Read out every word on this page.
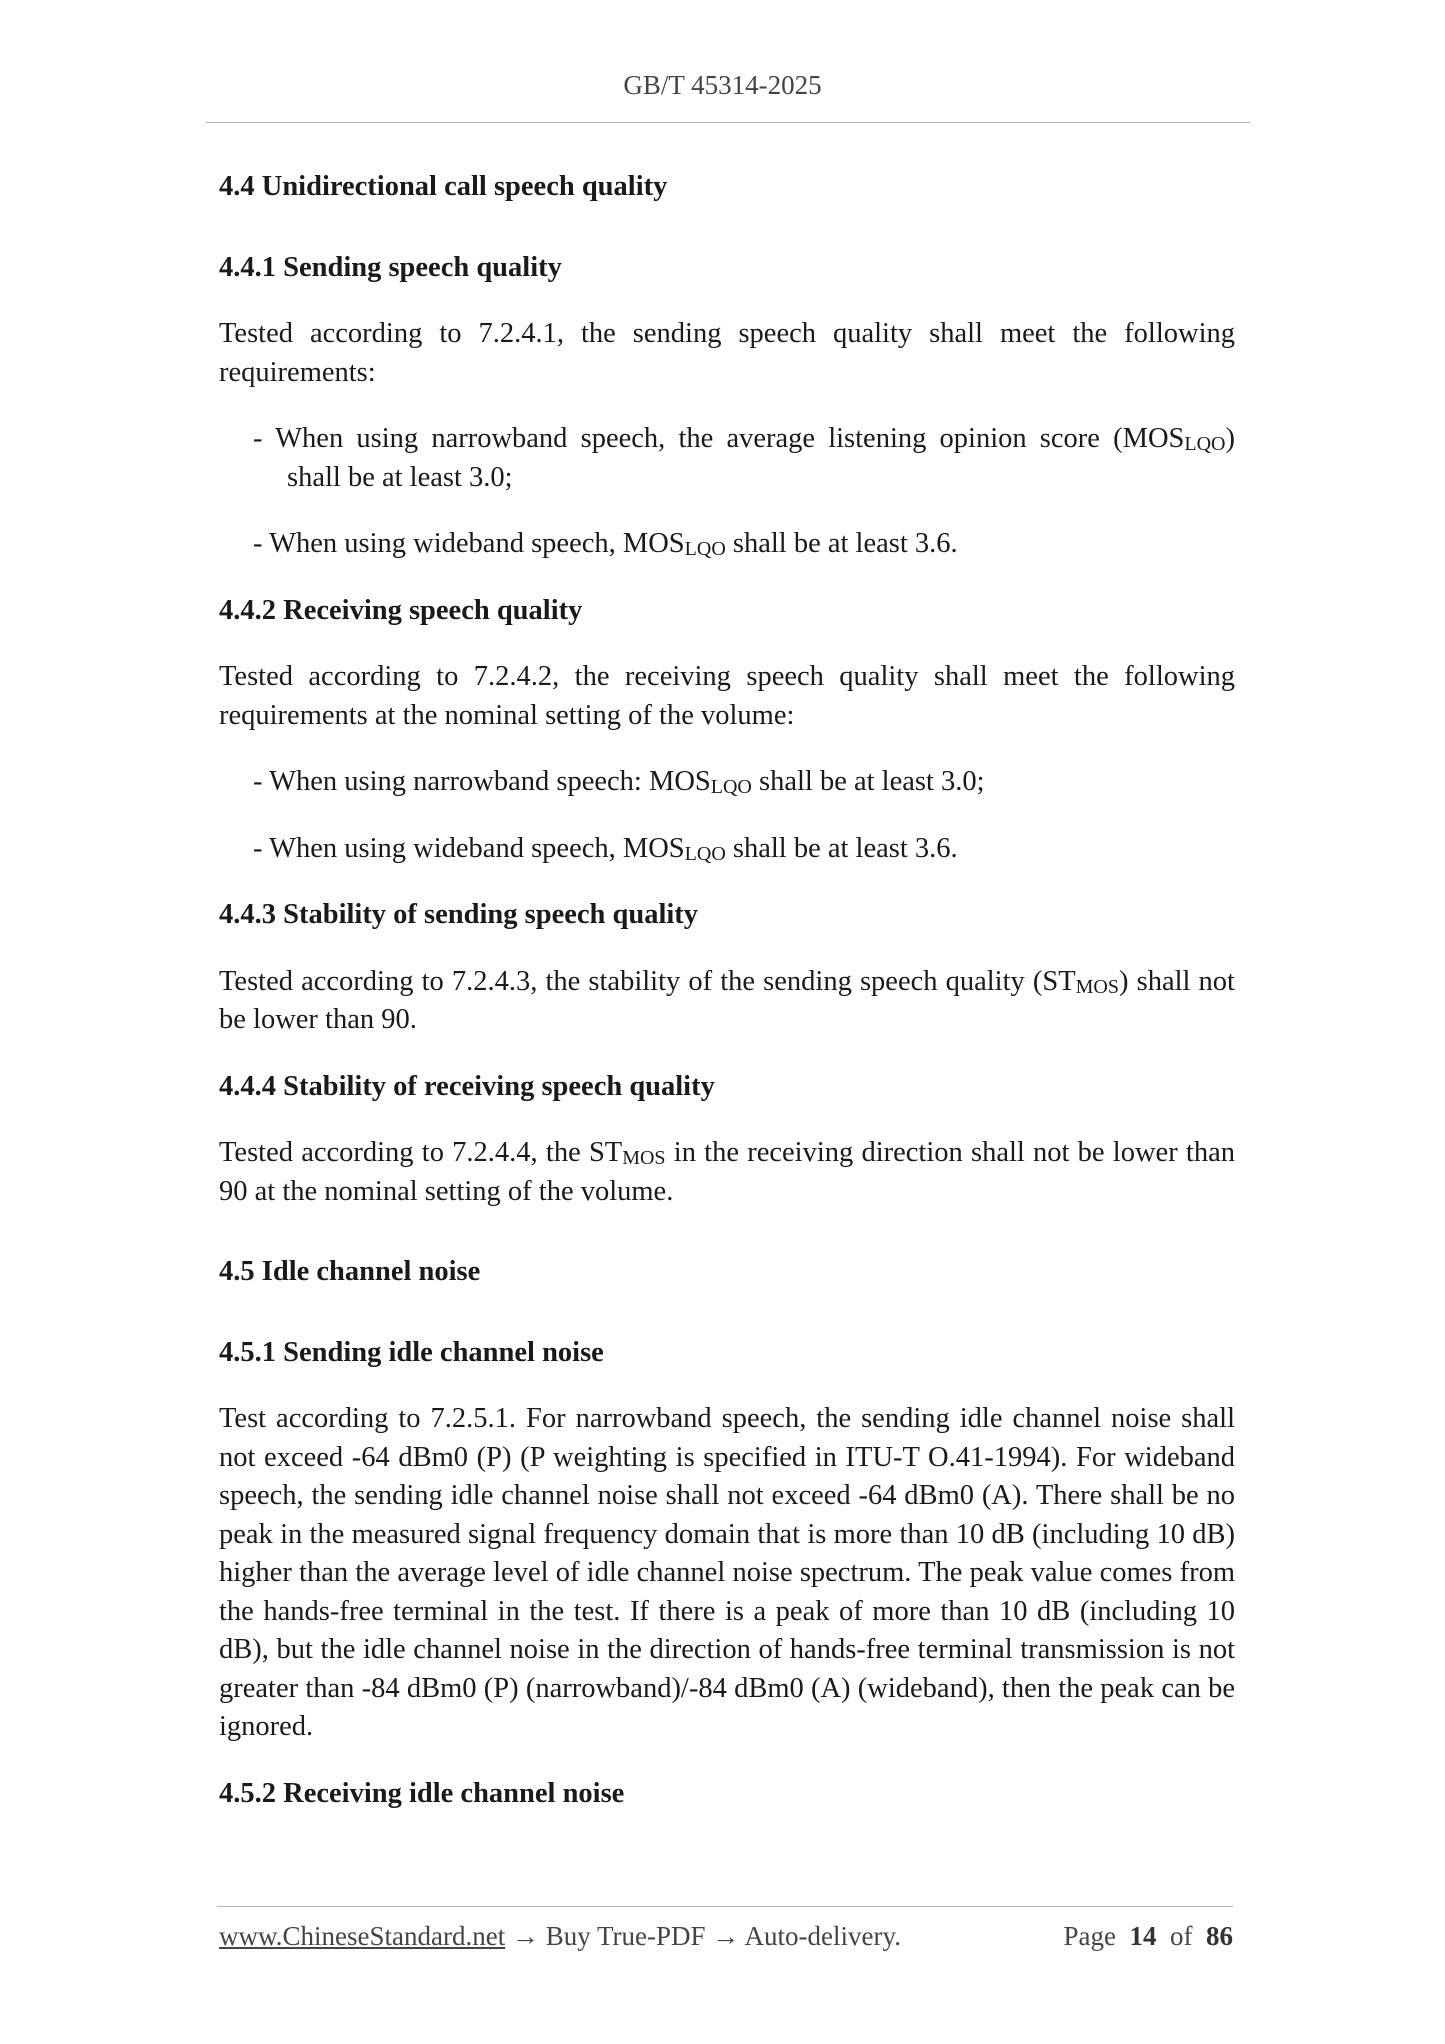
GB/T 45314-2025
4.4 Unidirectional call speech quality
4.4.1 Sending speech quality

Tested according to 7.2.4.1, the sending speech quality shall meet the following requirements:

- When using narrowband speech, the average listening opinion score $(MOS_{LQO})$ shall be at least 3.0;

- When using wideband speech, $MOS_{LQO}$ shall be at least 3.6.

4.4.2 Receiving speech quality

Tested according to 7.2.4.2, the receiving speech quality shall meet the following requirements at the nominal setting of the volume:

- When using narrowband speech: $MOS_{LQO}$ shall be at least 3.0;

- When using wideband speech, $MOS_{LQO}$ shall be at least 3.6.

4.4.3 Stability of sending speech quality

Tested according to 7.2.4.3, the stability of the sending speech quality $(ST_{MOS})$ shall not be lower than 90.

4.4.4 Stability of receiving speech quality

Tested according to 7.2.4.4, the $ST_{MOS}$ in the receiving direction shall not be lower than 90 at the nominal setting of the volume.

4.5 Idle channel noise
4.5.1 Sending idle channel noise

Test according to 7.2.5.1. For narrowband speech, the sending idle channel noise shall not exceed -64 dBm0 (P) (P weighting is specified in ITU-T O.41-1994). For wideband speech, the sending idle channel noise shall not exceed -64 dBm0 (A). There shall be no peak in the measured signal frequency domain that is more than 10 dB (including 10 dB) higher than the average level of idle channel noise spectrum. The peak value comes from the hands-free terminal in the test. If there is a peak of more than 10 dB (including 10 dB), but the idle channel noise in the direction of hands-free terminal transmission is not greater than -84 dBm0 (P) (narrowband)/-84 dBm0 (A) (wideband), then the peak can be ignored.

4.5.2 Receiving idle channel noise
www.ChineseStandard.net → Buy True-PDF → Auto-delivery.	Page 14 of 86
